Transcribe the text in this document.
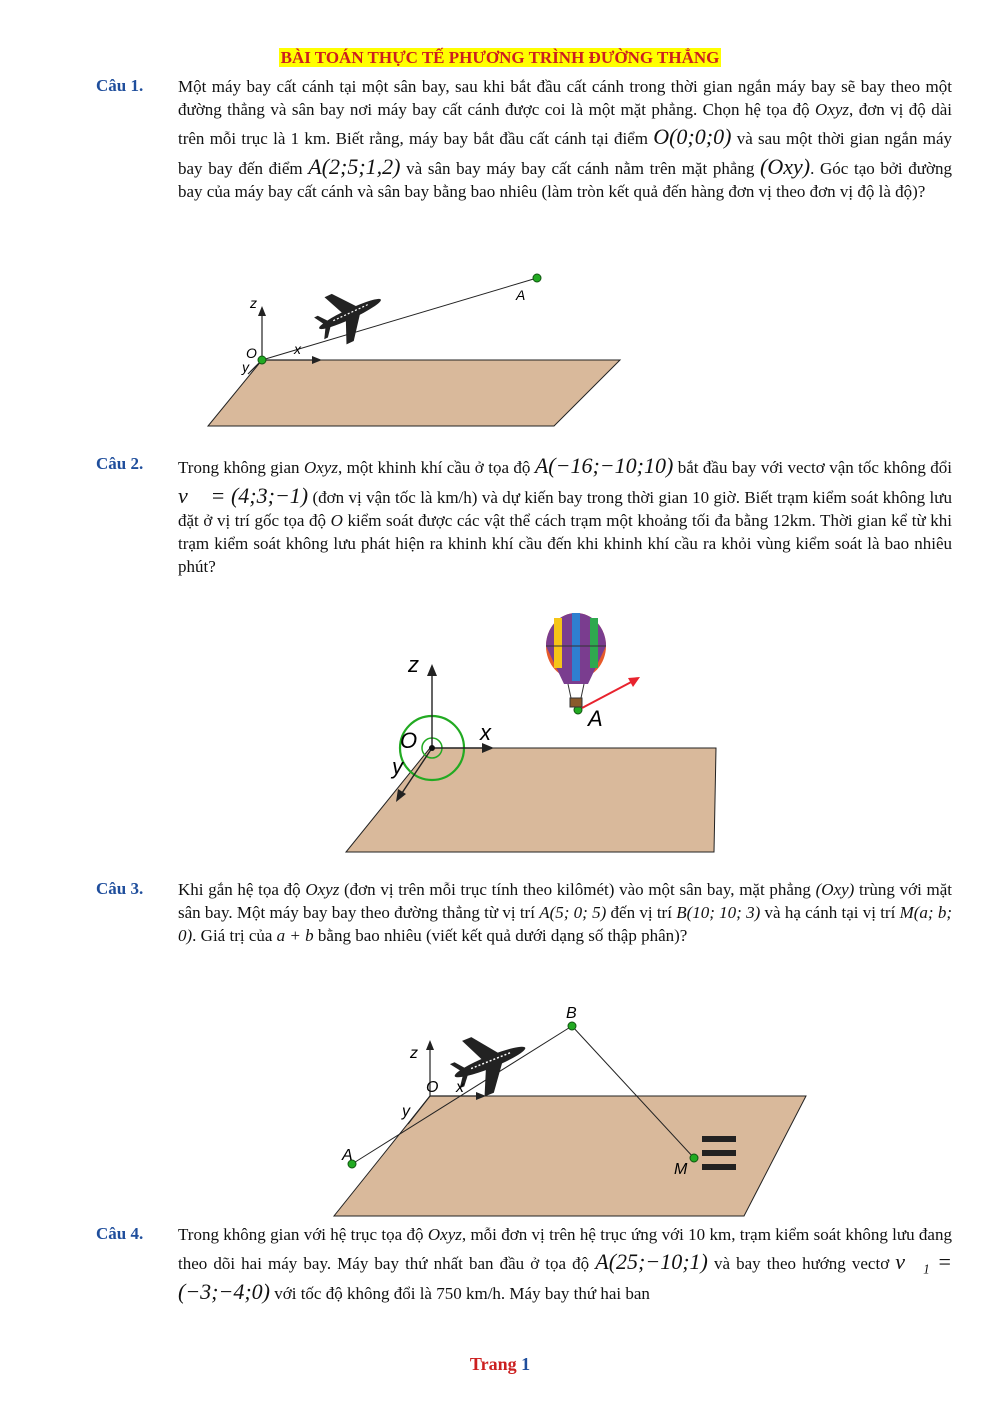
BÀI TOÁN THỰC TẾ PHƯƠNG TRÌNH ĐƯỜNG THẲNG
Câu 1. Một máy bay cất cánh tại một sân bay, sau khi bắt đầu cất cánh trong thời gian ngắn máy bay sẽ bay theo một đường thẳng và sân bay nơi máy bay cất cánh được coi là một mặt phẳng. Chọn hệ tọa độ Oxyz, đơn vị độ dài trên mỗi trục là 1 km. Biết rằng, máy bay bắt đầu cất cánh tại điểm O(0;0;0) và sau một thời gian ngắn máy bay bay đến điểm A(2;5;1,2) và sân bay máy bay cất cánh nằm trên mặt phẳng (Oxy). Góc tạo bởi đường bay của máy bay cất cánh và sân bay bằng bao nhiêu (làm tròn kết quả đến hàng đơn vị theo đơn vị độ là độ)?
z
x
y
O
A
Câu 2. Trong không gian Oxyz, một khinh khí cầu ở tọa độ A(−16;−10;10) bắt đầu bay với vectơ vận tốc không đổi v⃗ = (4;3;−1) (đơn vị vận tốc là km/h) và dự kiến bay trong thời gian 10 giờ. Biết trạm kiểm soát không lưu đặt ở vị trí gốc tọa độ O kiểm soát được các vật thể cách trạm một khoảng tối đa bằng 12km. Thời gian kể từ khi trạm kiểm soát không lưu phát hiện ra khinh khí cầu đến khi khinh khí cầu ra khỏi vùng kiểm soát là bao nhiêu phút?
z
x
y
O
A
Câu 3. Khi gắn hệ tọa độ Oxyz (đơn vị trên mỗi trục tính theo kilômét) vào một sân bay, mặt phẳng (Oxy) trùng với mặt sân bay. Một máy bay bay theo đường thẳng từ vị trí A(5; 0; 5) đến vị trí B(10; 10; 3) và hạ cánh tại vị trí M(a; b; 0). Giá trị của a + b bằng bao nhiêu (viết kết quả dưới dạng số thập phân)?
z
x
y
O
A
B
M
Câu 4. Trong không gian với hệ trục tọa độ Oxyz, mỗi đơn vị trên hệ trục ứng với 10 km, trạm kiểm soát không lưu đang theo dõi hai máy bay. Máy bay thứ nhất ban đầu ở tọa độ A(25;−10;1) và bay theo hướng vectơ v⃗₁ = (−3;−4;0) với tốc độ không đổi là 750 km/h. Máy bay thứ hai ban
Trang 1
